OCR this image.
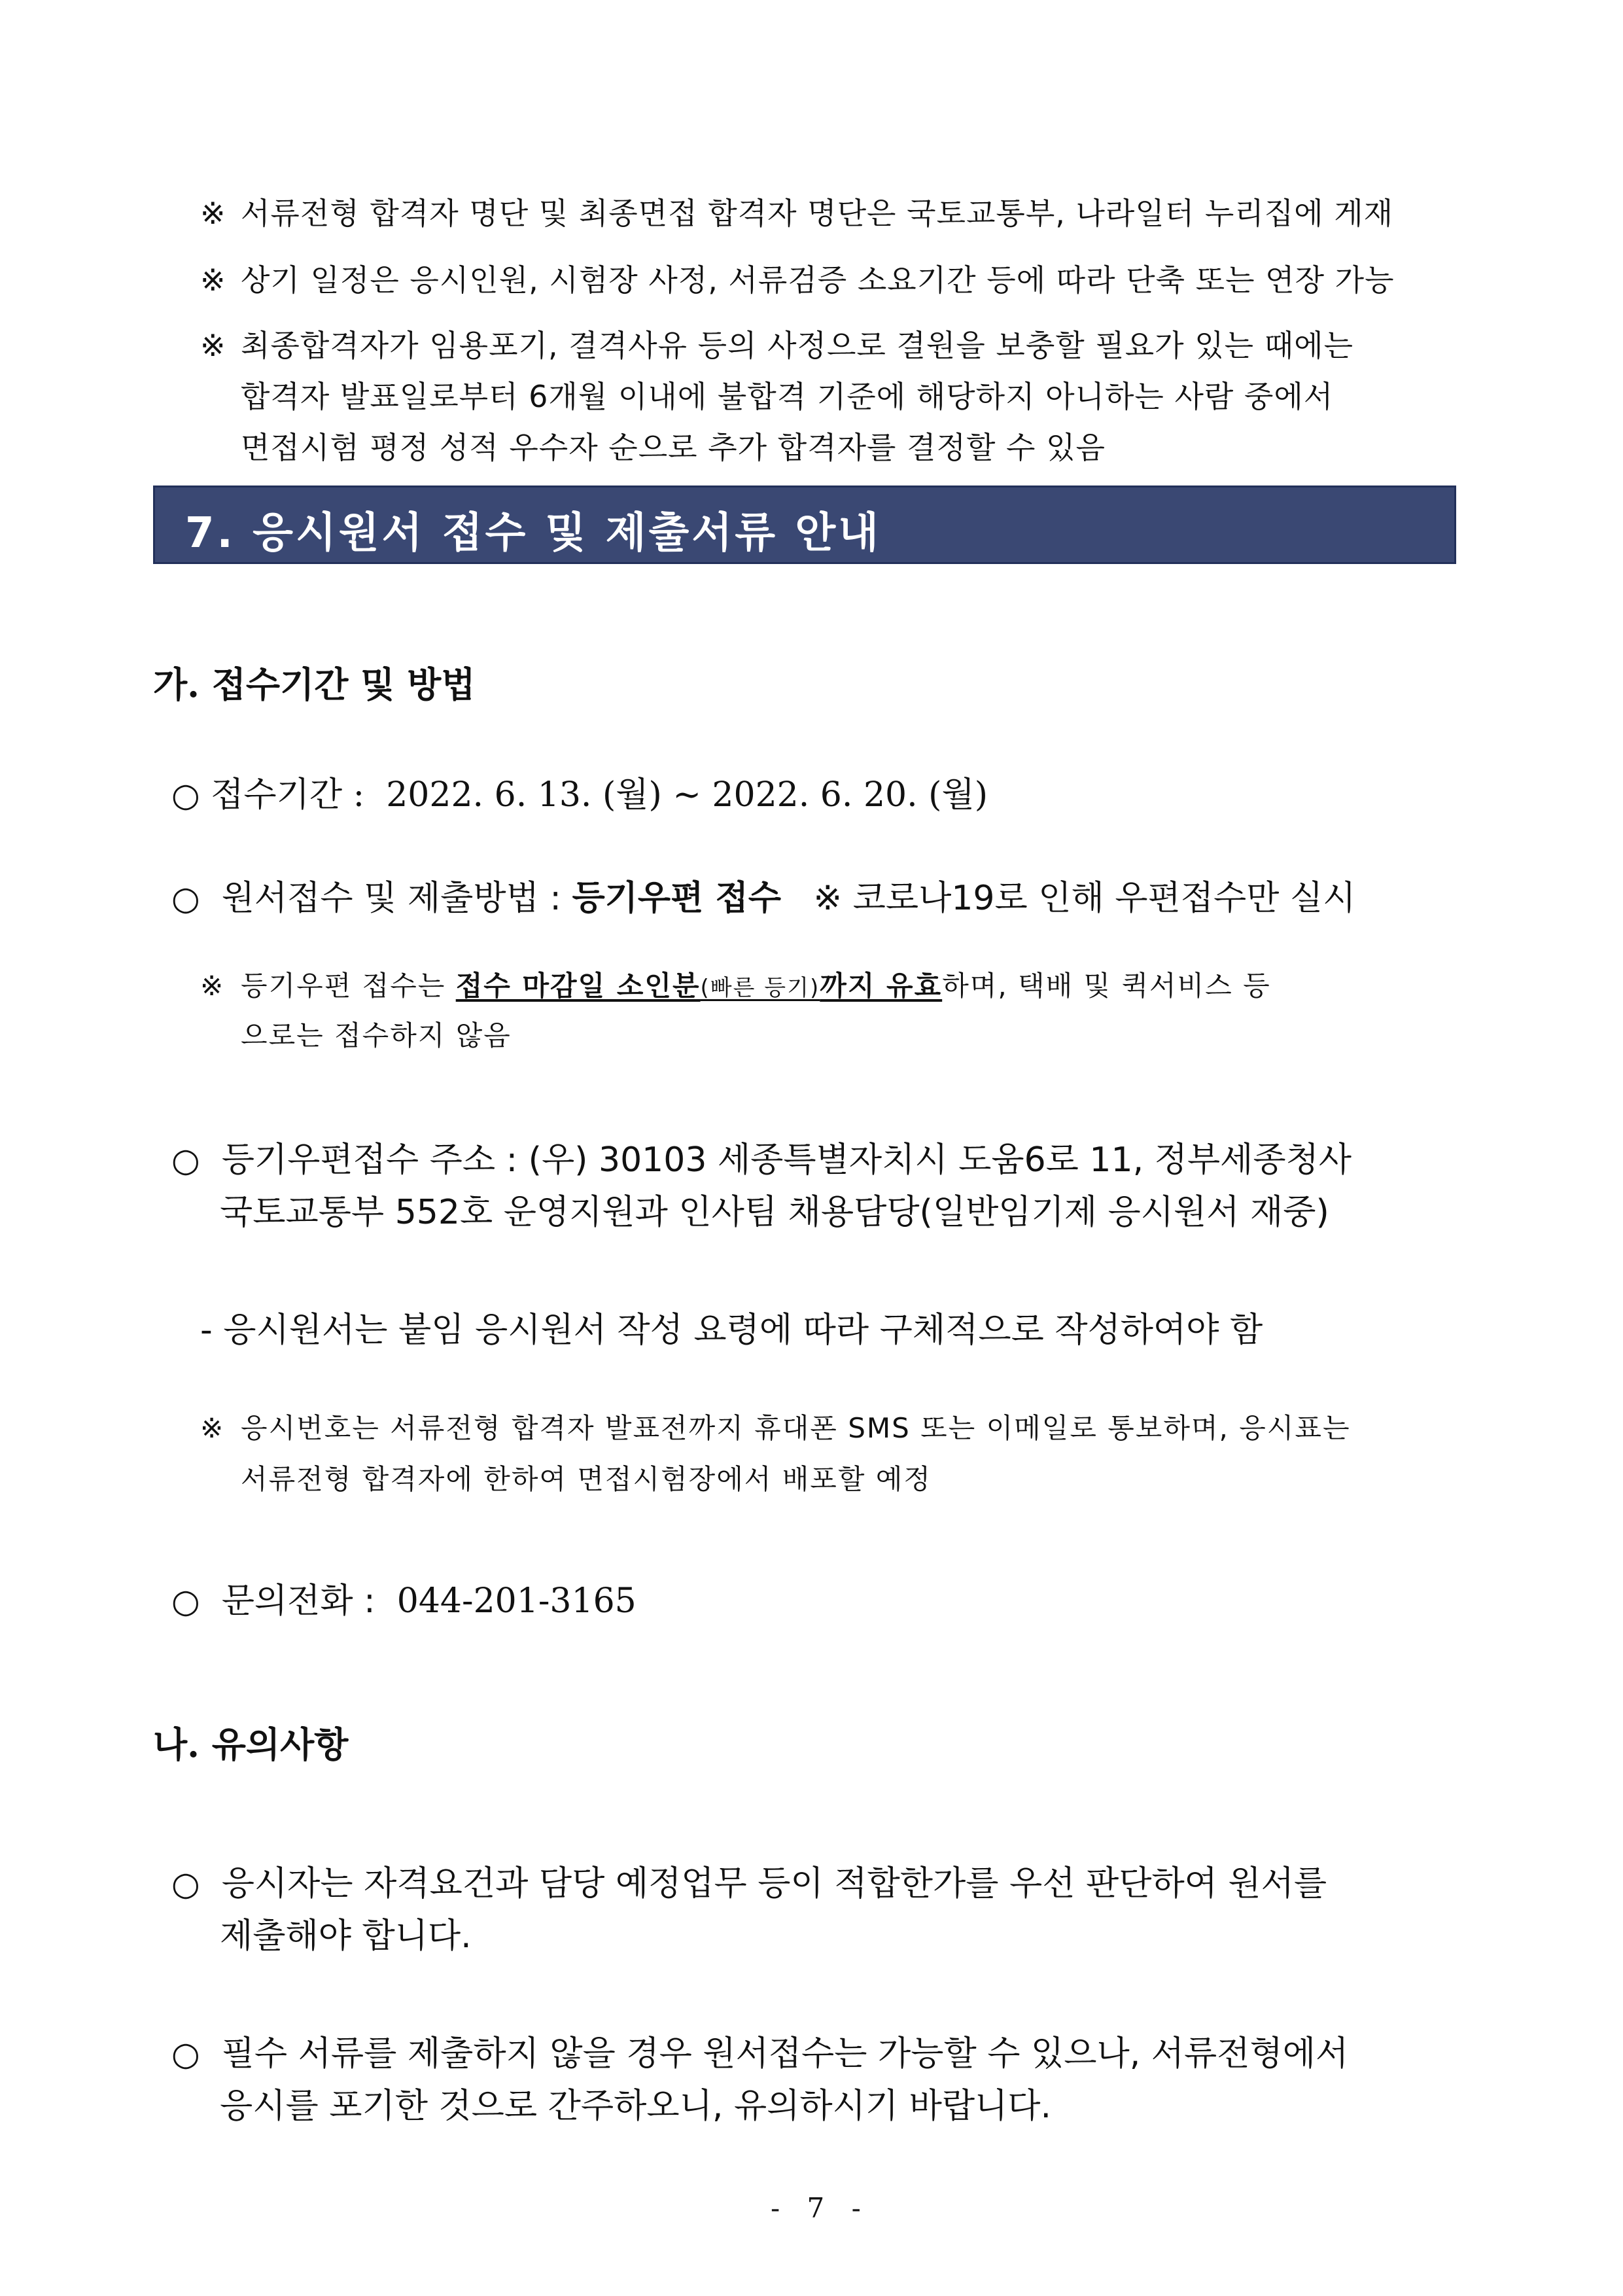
※ 서류전형 합격자 명단 및 최종면접 합격자 명단은 국토교통부, 나라일터 누리집에 게재
※ 상기 일정은 응시인원, 시험장 사정, 서류검증 소요기간 등에 따라 단축 또는 연장 가능
※ 최종합격자가 임용포기, 결격사유 등의 사정으로 결원을 보충할 필요가 있는 때에는
합격자 발표일로부터 6개월 이내에 불합격 기준에 해당하지 아니하는 사람 중에서
면접시험 평정 성적 우수자 순으로 추가 합격자를 결정할 수 있음
7. 응시원서 접수 및 제출서류 안내
가. 접수기간 및 방법
○ 접수기간 : 2022. 6. 13. (월) ~ 2022. 6. 20. (월)
○ 원서접수 및 제출방법 : 등기우편 접수 ※ 코로나19로 인해 우편접수만 실시
※ 등기우편 접수는 접수 마감일 소인분(빠른 등기)까지 유효하며, 택배 및 퀵서비스 등
으로는 접수하지 않음
○ 등기우편접수 주소 : (우) 30103 세종특별자치시 도움6로 11, 정부세종청사
국토교통부 552호 운영지원과 인사팀 채용담당(일반임기제 응시원서 재중)
- 응시원서는 붙임 응시원서 작성 요령에 따라 구체적으로 작성하여야 함
※ 응시번호는 서류전형 합격자 발표전까지 휴대폰 SMS 또는 이메일로 통보하며, 응시표는
서류전형 합격자에 한하여 면접시험장에서 배포할 예정
○ 문의전화 : 044-201-3165
나. 유의사항
○ 응시자는 자격요건과 담당 예정업무 등이 적합한가를 우선 판단하여 원서를
제출해야 합니다.
○ 필수 서류를 제출하지 않을 경우 원서접수는 가능할 수 있으나, 서류전형에서
응시를 포기한 것으로 간주하오니, 유의하시기 바랍니다.
- 7 -
